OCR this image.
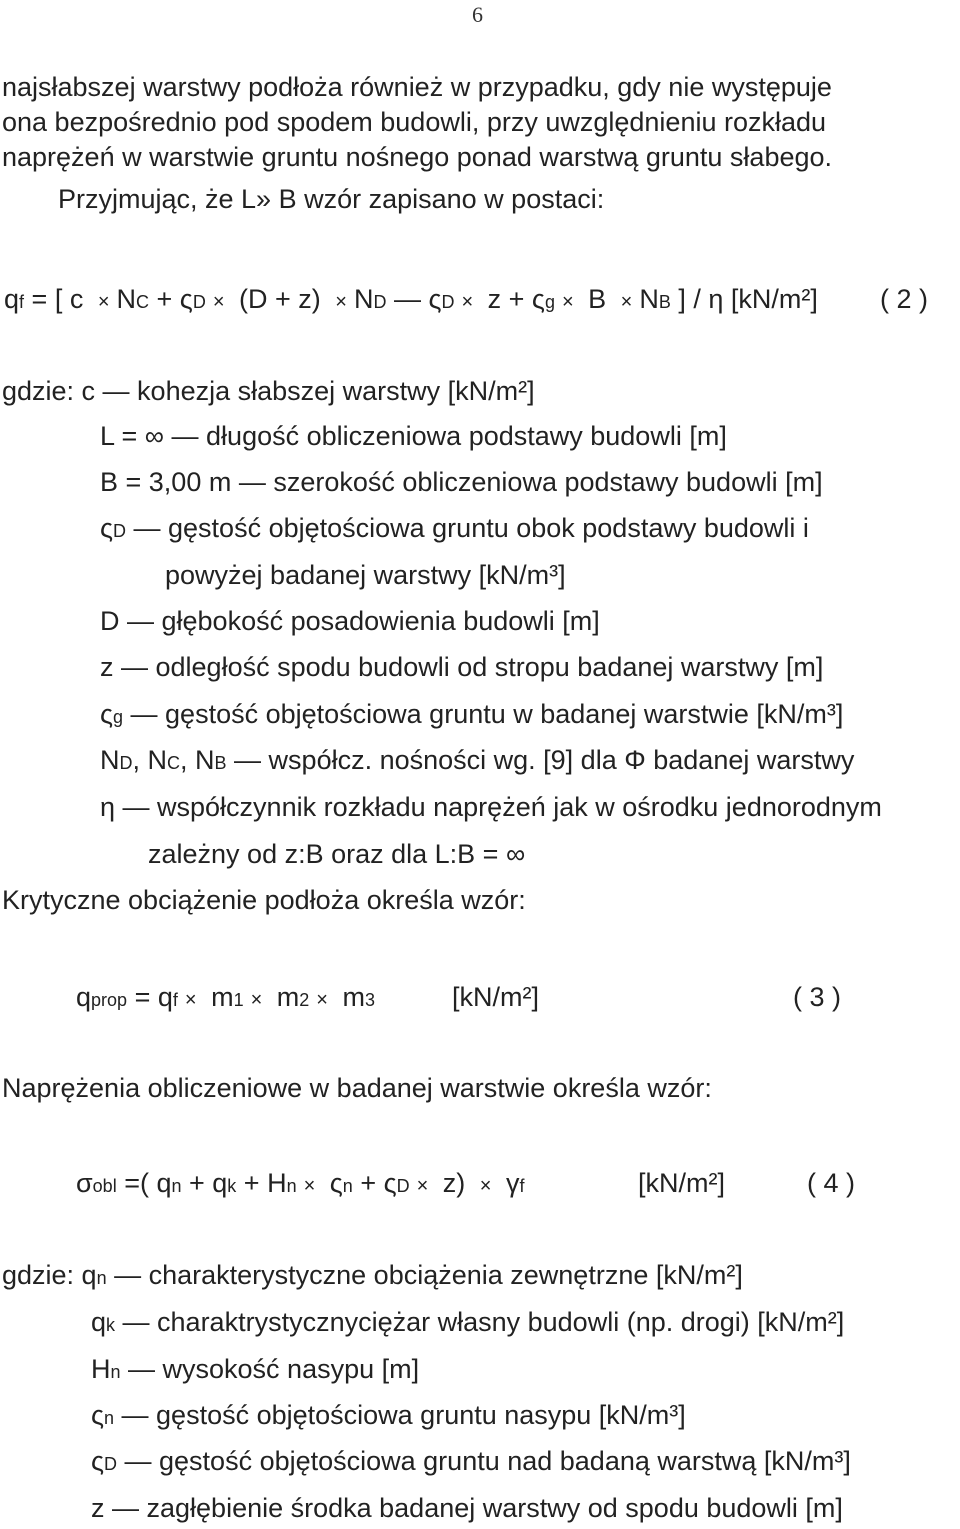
6
najsłabszej warstwy podłoża również w przypadku, gdy nie występuje
ona bezpośrednio pod spodem budowli, przy uwzględnieniu rozkładu
naprężeń w warstwie gruntu nośnego ponad warstwą gruntu słabego.
Przyjmując, że L» B wzór zapisano w postaci:
qf = [ c × NC + ςD × (D + z) × ND — ςD × z + ςg × B × NB ] / η [kN/m²] ( 2 )
gdzie: c — kohezja słabszej warstwy [kN/m²]
L = ∞ — długość obliczeniowa podstawy budowli [m]
B = 3,00 m — szerokość obliczeniowa podstawy budowli [m]
ςD — gęstość objętościowa gruntu obok podstawy budowli i
powyżej badanej warstwy [kN/m³]
D — głębokość posadowienia budowli [m]
z — odległość spodu budowli od stropu badanej warstwy [m]
ςg — gęstość objętościowa gruntu w badanej warstwie [kN/m³]
ND, NC, NB — współcz. nośności wg. [9] dla Φ badanej warstwy
η — współczynnik rozkładu naprężeń jak w ośrodku jednorodnym
zależny od z:B oraz dla L:B = ∞
Krytyczne obciążenie podłoża określa wzór:
qprop = qf × m1 × m2 × m3	[kN/m²]	( 3 )
Naprężenia obliczeniowe w badanej warstwie określa wzór:
σobl =( qn + qk + Hn × ςn + ςD × z) × γf	[kN/m²]	( 4 )
gdzie: qn — charakterystyczne obciążenia zewnętrzne [kN/m²]
qk — charaktrystycznyciężar własny budowli (np. drogi) [kN/m²]
Hn — wysokość nasypu [m]
ςn — gęstość objętościowa gruntu nasypu [kN/m³]
ςD — gęstość objętościowa gruntu nad badaną warstwą [kN/m³]
z — zagłębienie środka badanej warstwy od spodu budowli [m]
